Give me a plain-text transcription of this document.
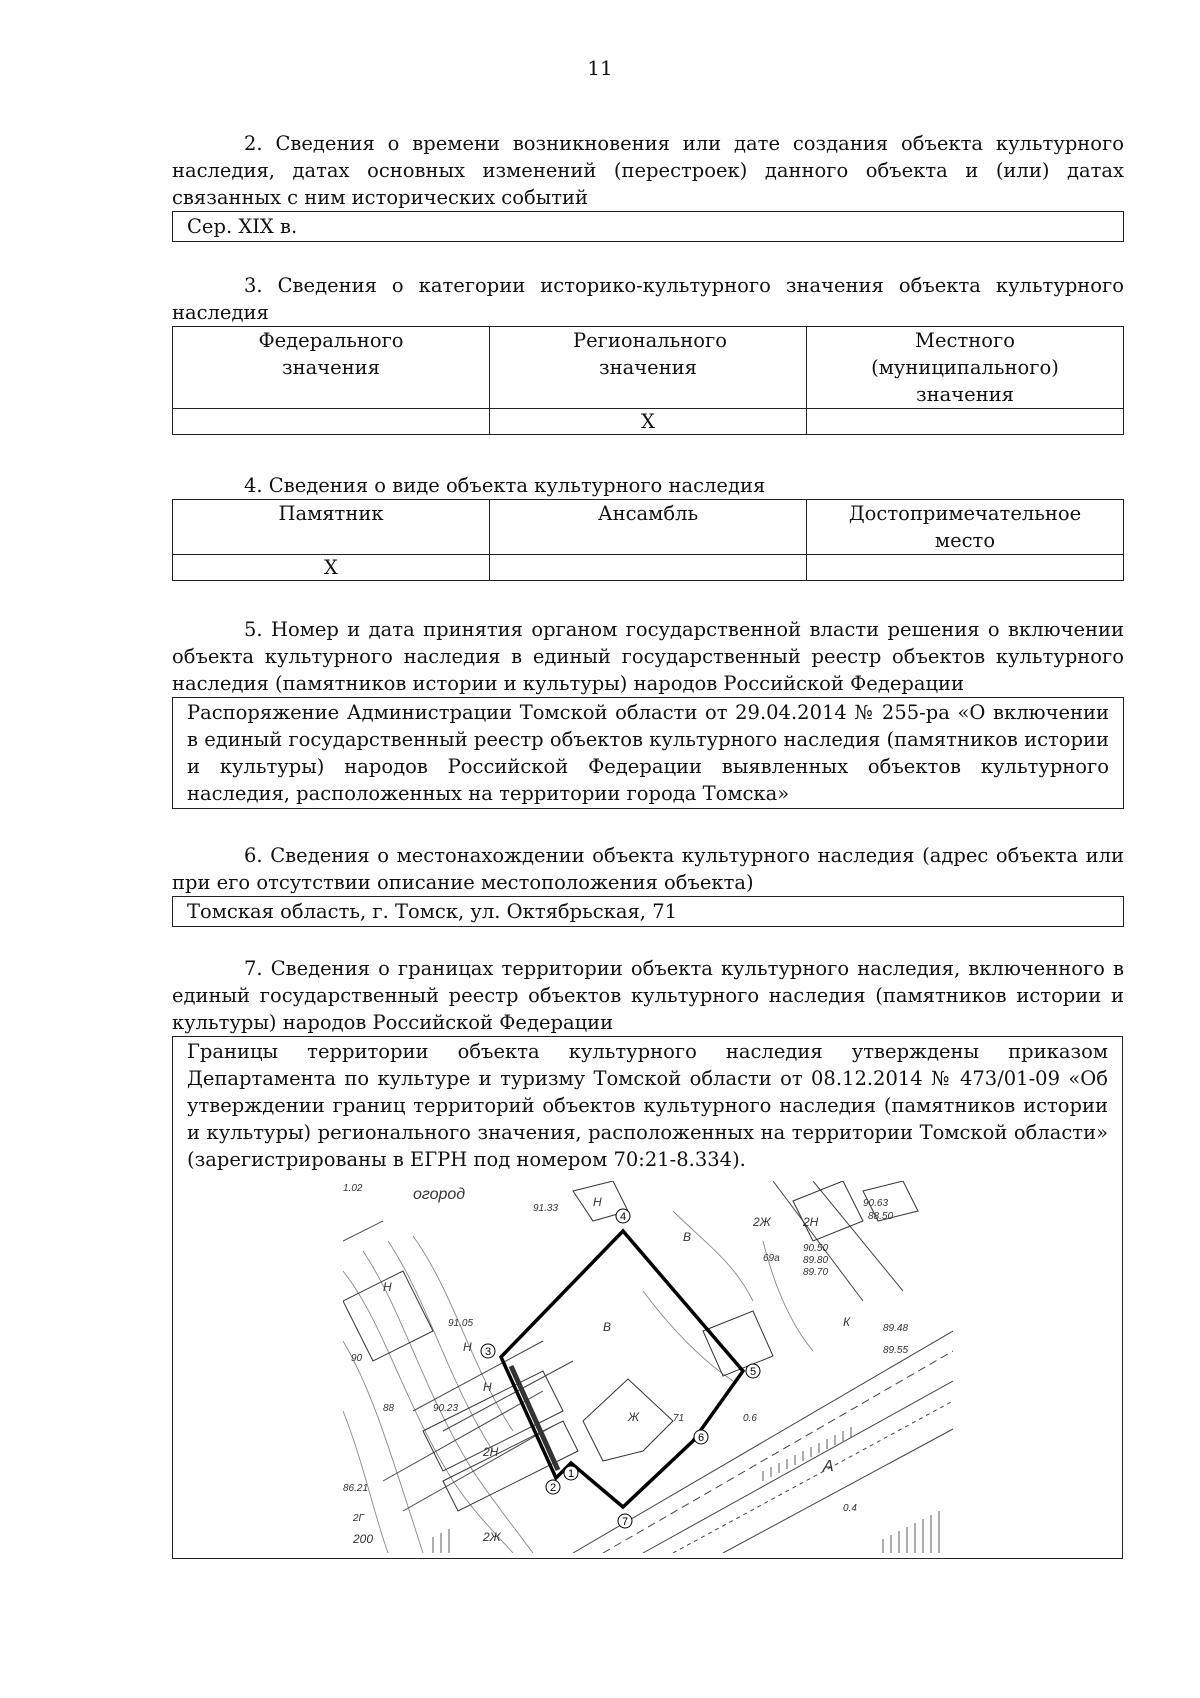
11

2. Сведения о времени возникновения или дате создания объекта культурного наследия, датах основных изменений (перестроек) данного объекта и (или) датах связанных с ним исторических событий

Сер. XIX в.

3. Сведения о категории историко-культурного значения объекта культурного наследия

Федерального значения	Регионального значения	Местного (муниципального) значения

	X	

4. Сведения о виде объекта культурного наследия

Памятник	Ансамбль	Достопримечательное место

X		

5. Номер и дата принятия органом государственной власти решения о включении объекта культурного наследия в единый государственный реестр объектов культурного наследия (памятников истории и культуры) народов Российской Федерации

Распоряжение Администрации Томской области от 29.04.2014 № 255-ра «О включении в единый государственный реестр объектов культурного наследия (памятников истории и культуры) народов Российской Федерации выявленных объектов культурного наследия, расположенных на территории города Томска»

6. Сведения о местонахождении объекта культурного наследия (адрес объекта или при его отсутствии описание местоположения объекта)

Томская область, г. Томск, ул. Октябрьская, 71

7. Сведения о границах территории объекта культурного наследия, включенного в единый государственный реестр объектов культурного наследия (памятников истории и культуры) народов Российской Федерации

Границы территории объекта культурного наследия утверждены приказом Департамента по культуре и туризму Томской области от 08.12.2014 № 473/01-09 «Об утверждении границ территорий объектов культурного наследия (памятников истории и культуры) регионального значения, расположенных на территории Томской области» (зарегистрированы в ЕГРН под номером 70:21-8.334).
1
2
3
4
5
6
7
огород
1.02
91.33	Н
Н
Н
Н
91.05
90.23
88
86.21
2Г
200
2Н
2Ж	2Н
2Ж
В
В
Ж	71
69а
К
А
90.63
88.50
90.50
89.80
89.70
89.55
90
89.48
0.6
0.4
